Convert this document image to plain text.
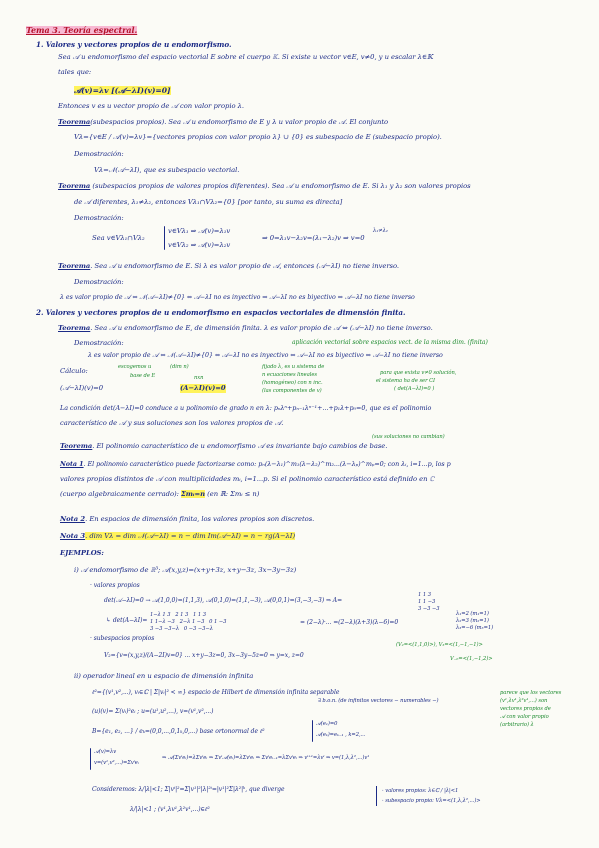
Tema 3. Teoría espectral.
1. Valores y vectores propios de u endomorfismo.
Sea 𝒜 u endomorfismo del espacio vectorial E sobre el cuerpo 𝕂. Si existe u vector v∈E, v≠0, y u escalar λ∈𝕂
tales que:
𝒜(v)=λv [(𝒜−λI)(v)=0]
Entonces v es u vector propio de 𝒜 con valor propio λ.
Teorema(subespacios propios). Sea 𝒜 u endomorfismo de E y λ u valor propio de 𝒜. El conjunto
Vλ={v∈E / 𝒜(v)=λv}={vectores propios con valor propio λ} ∪ {0} es subespacio de E (subespacio propio).
Demostración:
Vλ=𝒩(𝒜−λI), que es subespacio vectorial.
Teorema (subespacios propios de valores propios diferentes). Sea 𝒜 u endomorfismo de E. Si λ₁ y λ₂ son valores propios
de 𝒜 diferentes, λ₁≠λ₂, entonces Vλ₁∩Vλ₂={0} [por tanto, su suma es directa]
Demostración:
Sea v∈Vλ₁∩Vλ₂
v∈Vλ₁ ⇒ 𝒜(v)=λ₁v
v∈Vλ₂ ⇒ 𝒜(v)=λ₂v
λ₁≠λ₂
⇒ 0=λ₁v−λ₂v=(λ₁−λ₂)v ⇒ v=0
Teorema. Sea 𝒜 u endomorfismo de E. Si λ es valor propio de 𝒜, entonces (𝒜−λI) no tiene inverso.
Demostración:
λ es valor propio de 𝒜 ⇔ 𝒩(𝒜−λI)≠{0} ⇔ 𝒜−λI no es inyectivo ⇒ 𝒜−λI no es biyectivo ⇔ 𝒜−λI no tiene inverso
2. Valores y vectores propios de u endomorfismo en espacios vectoriales de dimensión finita.
Teorema. Sea 𝒜 u endomorfismo de E, de dimensión finita. λ es valor propio de 𝒜 ⇔ (𝒜−λI) no tiene inverso.
Demostración:	aplicación vectorial sobre espacios vect. de la misma dim. (finita)
λ es valor propio de 𝒜 ⇔ 𝒩(𝒜−λI)≠{0} ⇔ 𝒜−λI no es inyectivo ⇔ 𝒜−λI no es biyectivo ⇔ 𝒜−λI no tiene inverso
Cálculo:	escogemos u	(dim n)
base de E	nxn
(𝒜−λI)(v)=0	(A−λI)(v)=0
fijado λ, es u sistema de
n ecuaciones lineales
(homogéneo) con n inc.
(las componentes de v)
para que exista v≠0 solución,
el sistema ha de ser CI
( det(A−λI)=0 )
La condición det(A−λI)=0 conduce a u polinomio de grado n en λ: pₙλⁿ+pₙ₋₁λⁿ⁻¹+...+p₁λ+p₀=0, que es el polinomio
característico de 𝒜 y sus soluciones son los valores propios de 𝒜.
(sus soluciones no cambian)
Teorema. El polinomio característico de u endomorfismo 𝒜 es invariante bajo cambios de base.
Nota 1. El polinomio característico puede factorizarse como: pₙ(λ−λ₁)^m₁(λ−λ₂)^m₂...(λ−λₚ)^mₚ=0; con λᵢ, i=1...p, los p
valores propios distintos de 𝒜 con multiplicidades mᵢ, i=1...p. Si el polinomio característico está definido en ℂ
(cuerpo algebraicamente cerrado): Σmᵢ=n (en ℝ: Σmᵢ ≤ n)
Nota 2. En espacios de dimensión finita, los valores propios son discretos.
Nota 3. dim Vλ = dim 𝒩(𝒜−λI) = n − dim Im(𝒜−λI) = n − rg(A−λI)
EJEMPLOS:
i) 𝒜 endomorfismo de ℝ³; 𝒜(x,y,z)=(x+y+3z, x+y−3z, 3x−3y−3z)
· valores propios
det(𝒜−λI)=0 → 𝒜(1,0,0)=(1,1,3), 𝒜(0,1,0)=(1,1,−3), 𝒜(0,0,1)=(3,−3,−3) ⇒ A=
1 1 3
1 1 −3
3 −3 −3
↳ det(A−λI)=
1−λ 1 3   2 1 3   1 1 3
1 1−λ −3   2−λ 1 −3   0 1 −3
3 −3 −3−λ   0 −3 −3−λ
= (2−λ)·... =(2−λ)(λ+3)(λ−6)=0
λ₁=2 (m₁=1)
λ₂=3 (m₂=1)
λ₃=−6 (m₃=1)
· subespacios propios
V₂={v=(x,y,z)/(A−2I)v=0} ... x+y−3z=0, 3x−3y−5z=0 ⇒ y=x, z=0
(V₂=<(1,1,0)>), V₃=<(1,−1,−1)>
V₋₆=<(1,−1,2)>
ii) operador lineal en u espacio de dimensión infinita
ℓ²={(v¹,v²,...), vᵢ∈ℂ | Σ|vᵢ|² < ∞} espacio de Hilbert de dimensión infinita separable
∃ b.o.n. (de infinitos vectores − numerables −)
(u)(v)= Σ(vᵢ)²eᵢ ; u=(u¹,u²,...), v=(v¹,v²,...)
B={e₁, e₂, ...} / eₖ=(0,0,...,0,1ₖ,0,...) base ortonormal de ℓ²
𝒜(e₁)=0
𝒜(eₖ)=eₖ₋₁ , k=2,...
𝒜(v)=λv
v=(v¹,v²,...)=Σvⁱeᵢ
⇒ 𝒜(Σvⁱeᵢ)=λΣvⁱeᵢ ⇒ Σvⁱ𝒜(eᵢ)=λΣvⁱeᵢ ⇒ Σvⁱeᵢ₋₁=λΣvⁱeᵢ ⇒ vⁱ⁺¹=λvⁱ ⇒ v=(1,λ,λ²,...)v¹
parece que los vectores
(v¹,λv¹,λ²v¹,...) son
vectores propios de
𝒜 con valor propio
(arbitrario) λ
Consideremos: λ/|λ|<1; Σ|vⁱ|²=Σ|v¹|²|λ|²ⁱ=|v¹|²Σ|λ²|ᵏ, que diverge
λ/|λ|<1 ; (v¹,λv¹,λ²v¹,...)∈ℓ²
· valores propios: λ∈ℂ / |λ|<1
· subespacio propio: Vλ=<(1,λ,λ²,...)>
